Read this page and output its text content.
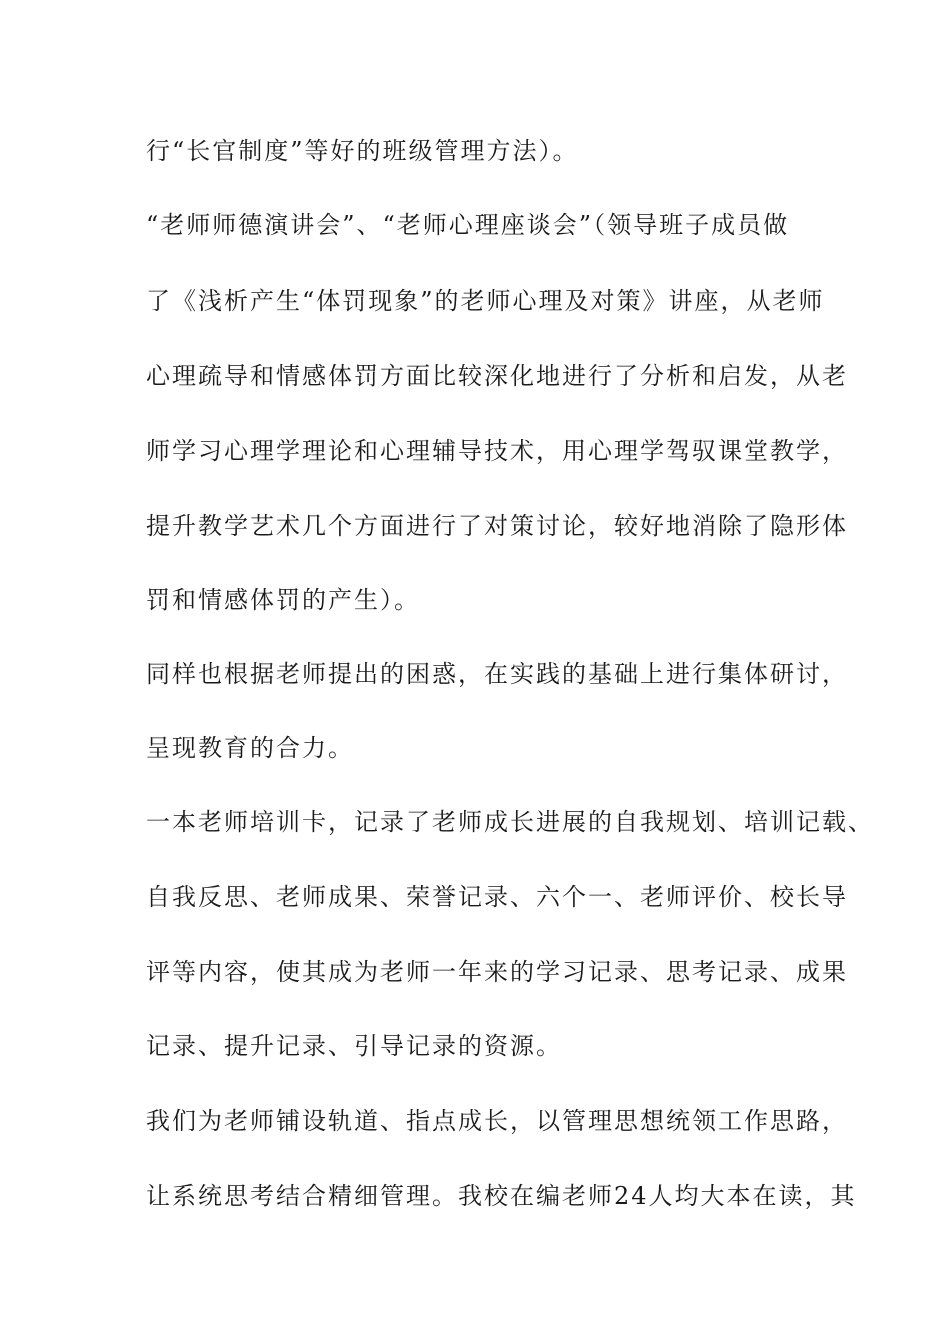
行“长官制度”等好的班级管理方法）。

“老师师德演讲会”、“老师心理座谈会”（领导班子成员做

了《浅析产生“体罚现象”的老师心理及对策》讲座，从老师

心理疏导和情感体罚方面比较深化地进行了分析和启发，从老

师学习心理学理论和心理辅导技术，用心理学驾驭课堂教学，

提升教学艺术几个方面进行了对策讨论，较好地消除了隐形体

罚和情感体罚的产生）。

同样也根据老师提出的困惑，在实践的基础上进行集体研讨，

呈现教育的合力。

一本老师培训卡，记录了老师成长进展的自我规划、培训记载、

自我反思、老师成果、荣誉记录、六个一、老师评价、校长导

评等内容，使其成为老师一年来的学习记录、思考记录、成果

记录、提升记录、引导记录的资源。

我们为老师铺设轨道、指点成长，以管理思想统领工作思路，

让系统思考结合精细管理。我校在编老师24人均大本在读，其
